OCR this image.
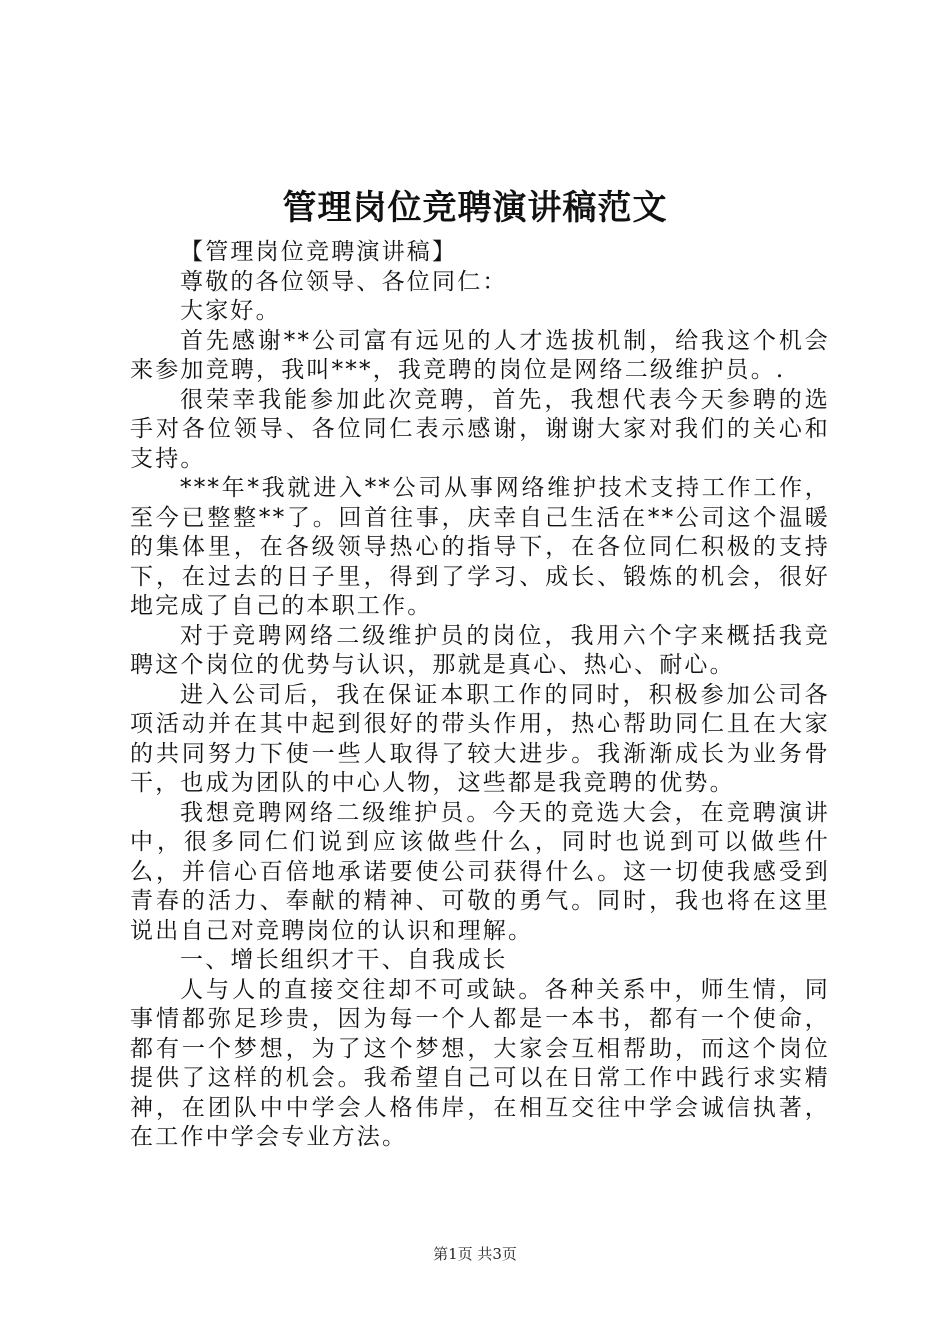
管理岗位竞聘演讲稿范文

【管理岗位竞聘演讲稿】

尊敬的各位领导、各位同仁：

大家好。

首先感谢**公司富有远见的人才选拔机制，给我这个机会来参加竞聘，我叫***，我竞聘的岗位是网络二级维护员。.

很荣幸我能参加此次竞聘，首先，我想代表今天参聘的选手对各位领导、各位同仁表示感谢，谢谢大家对我们的关心和支持。

***年*我就进入**公司从事网络维护技术支持工作工作，至今已整整**了。回首往事，庆幸自己生活在**公司这个温暖的集体里，在各级领导热心的指导下，在各位同仁积极的支持下，在过去的日子里，得到了学习、成长、锻炼的机会，很好地完成了自己的本职工作。

对于竞聘网络二级维护员的岗位，我用六个字来概括我竞聘这个岗位的优势与认识，那就是真心、热心、耐心。

进入公司后，我在保证本职工作的同时，积极参加公司各项活动并在其中起到很好的带头作用，热心帮助同仁且在大家的共同努力下使一些人取得了较大进步。我渐渐成长为业务骨干，也成为团队的中心人物，这些都是我竞聘的优势。

我想竞聘网络二级维护员。今天的竞选大会，在竞聘演讲中，很多同仁们说到应该做些什么，同时也说到可以做些什么，并信心百倍地承诺要使公司获得什么。这一切使我感受到青春的活力、奉献的精神、可敬的勇气。同时，我也将在这里说出自己对竞聘岗位的认识和理解。

一、增长组织才干、自我成长

人与人的直接交往却不可或缺。各种关系中，师生情，同事情都弥足珍贵，因为每一个人都是一本书，都有一个使命，都有一个梦想，为了这个梦想，大家会互相帮助，而这个岗位提供了这样的机会。我希望自己可以在日常工作中践行求实精神，在团队中中学会人格伟岸，在相互交往中学会诚信执著，在工作中学会专业方法。

第1页 共3页
